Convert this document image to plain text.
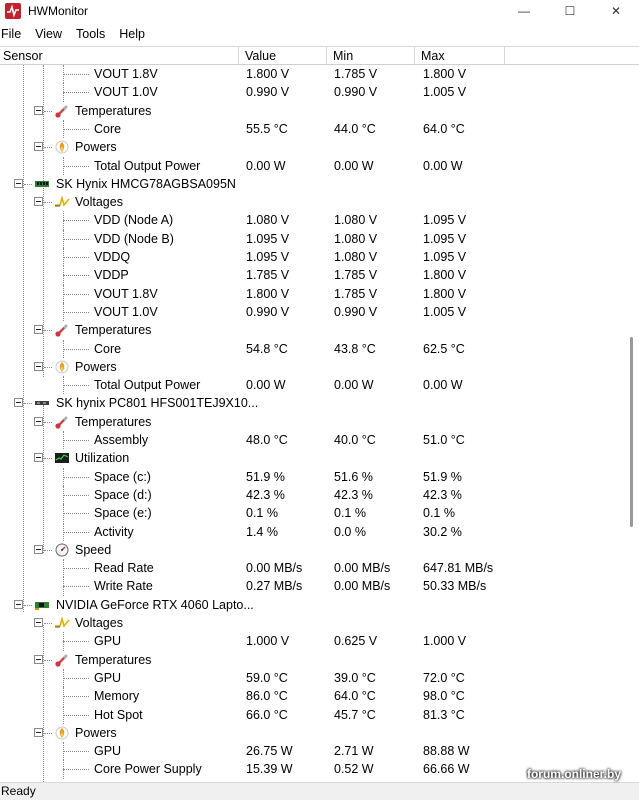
HWMonitor	—	☐	✕
File	View	Tools	Help
Sensor	Value	Min	Max
VOUT 1.8V	1.800 V	1.785 V	1.800 V
VOUT 1.0V	0.990 V	0.990 V	1.005 V
Temperatures
Core	55.5 °C	44.0 °C	64.0 °C
Powers
Total Output Power	0.00 W	0.00 W	0.00 W
SK Hynix HMCG78AGBSA095N
Voltages
VDD (Node A)	1.080 V	1.080 V	1.095 V
VDD (Node B)	1.095 V	1.080 V	1.095 V
VDDQ	1.095 V	1.080 V	1.095 V
VDDP	1.785 V	1.785 V	1.800 V
VOUT 1.8V	1.800 V	1.785 V	1.800 V
VOUT 1.0V	0.990 V	0.990 V	1.005 V
Temperatures
Core	54.8 °C	43.8 °C	62.5 °C
Powers
Total Output Power	0.00 W	0.00 W	0.00 W
SK hynix PC801 HFS001TEJ9X10...
Temperatures
Assembly	48.0 °C	40.0 °C	51.0 °C
Utilization
Space (c:)	51.9 %	51.6 %	51.9 %
Space (d:)	42.3 %	42.3 %	42.3 %
Space (e:)	0.1 %	0.1 %	0.1 %
Activity	1.4 %	0.0 %	30.2 %
Speed
Read Rate	0.00 MB/s	0.00 MB/s	647.81 MB/s
Write Rate	0.27 MB/s	0.00 MB/s	50.33 MB/s
NVIDIA GeForce RTX 4060 Lapto...
Voltages
GPU	1.000 V	0.625 V	1.000 V
Temperatures
GPU	59.0 °C	39.0 °C	72.0 °C
Memory	86.0 °C	64.0 °C	98.0 °C
Hot Spot	66.0 °C	45.7 °C	81.3 °C
Powers
GPU	26.75 W	2.71 W	88.88 W
Core Power Supply	15.39 W	0.52 W	66.66 W
Ready
forum.onliner.by
